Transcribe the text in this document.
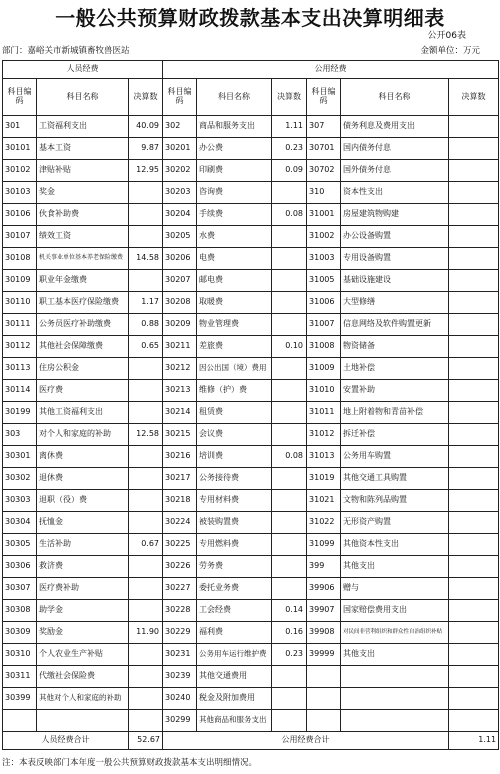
一般公共预算财政拨款基本支出决算明细表
公开06表
部门：嘉峪关市新城镇畜牧兽医站	金额单位：万元
人员经费			公用经费					
科目编码	科目名称	决算数	科目编码	科目名称	决算数	科目编码	科目名称	决算数
301	工资福利支出	40.09	302	商品和服务支出	1.11	307	债务利息及费用支出	
30101	基本工资	9.87	30201	办公费	0.23	30701	国内债务付息	
30102	津贴补贴	12.95	30202	印刷费	0.09	30702	国外债务付息	
30103	奖金		30203	咨询费		310	资本性支出	
30106	伙食补助费		30204	手续费	0.08	31001	房屋建筑物购建	
30107	绩效工资		30205	水费		31002	办公设备购置	
30108	机关事业单位基本养老保险缴费	14.58	30206	电费		31003	专用设备购置	
30109	职业年金缴费		30207	邮电费		31005	基础设施建设	
30110	职工基本医疗保险缴费	1.17	30208	取暖费		31006	大型修缮	
30111	公务员医疗补助缴费	0.88	30209	物业管理费		31007	信息网络及软件购置更新	
30112	其他社会保障缴费	0.65	30211	差旅费	0.10	31008	物资储备	
30113	住房公积金		30212	因公出国（境）费用		31009	土地补偿	
30114	医疗费		30213	维修（护）费		31010	安置补助	
30199	其他工资福利支出		30214	租赁费		31011	地上附着物和青苗补偿	
303	对个人和家庭的补助	12.58	30215	会议费		31012	拆迁补偿	
30301	离休费		30216	培训费	0.08	31013	公务用车购置	
30302	退休费		30217	公务接待费		31019	其他交通工具购置	
30303	退职（役）费		30218	专用材料费		31021	文物和陈列品购置	
30304	抚恤金		30224	被装购置费		31022	无形资产购置	
30305	生活补助	0.67	30225	专用燃料费		31099	其他资本性支出	
30306	救济费		30226	劳务费		399	其他支出	
30307	医疗费补助		30227	委托业务费		39906	赠与	
30308	助学金		30228	工会经费	0.14	39907	国家赔偿费用支出	
30309	奖励金	11.90	30229	福利费	0.16	39908	对民间非营利组织和群众性自治组织补贴	
30310	个人农业生产补贴		30231	公务用车运行维护费	0.23	39999	其他支出	
30311	代缴社会保险费		30239	其他交通费用				
30399	其他对个人和家庭的补助		30240	税金及附加费用				
			30299	其他商品和服务支出				
人员经费合计		52.67	公用经费合计					1.11
注：本表反映部门本年度一般公共预算财政拨款基本支出明细情况。
